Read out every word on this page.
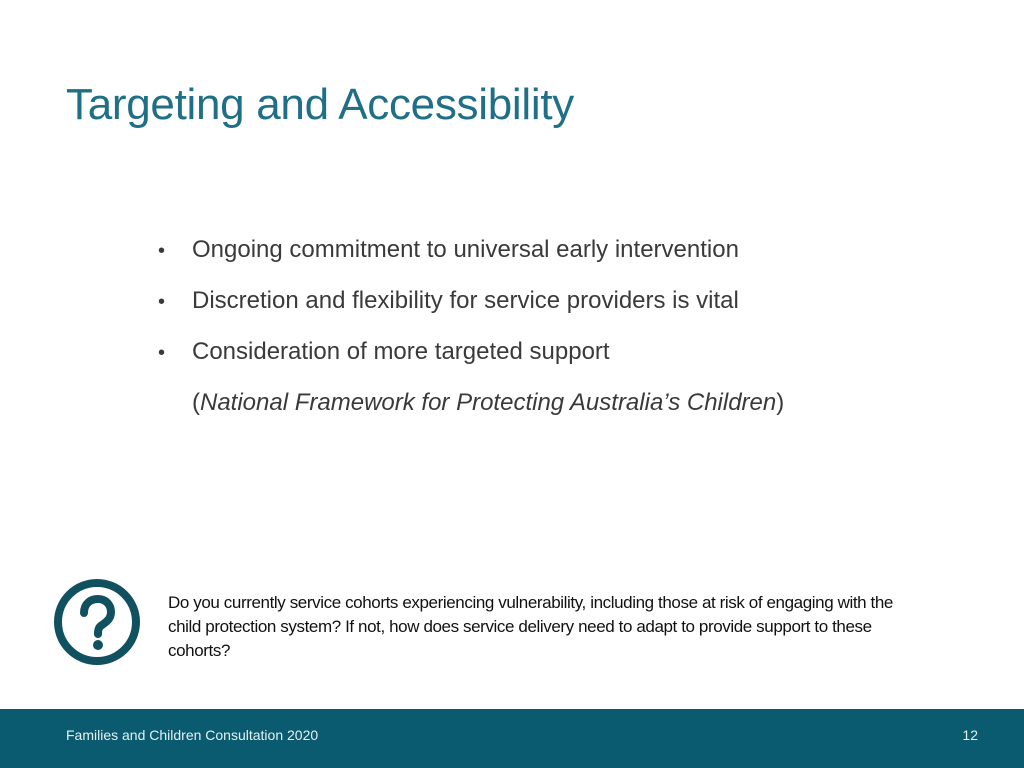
Targeting and Accessibility
•	Ongoing commitment to universal early intervention
•	Discretion and flexibility for service providers is vital
•	Consideration of more targeted support
( National Framework for Protecting Australia’s Children )
Do you currently service cohorts experiencing vulnerability, including those at risk of engaging with the child protection system? If not, how does service delivery need to adapt to provide support to these cohorts?
Families and Children Consultation 2020	12
